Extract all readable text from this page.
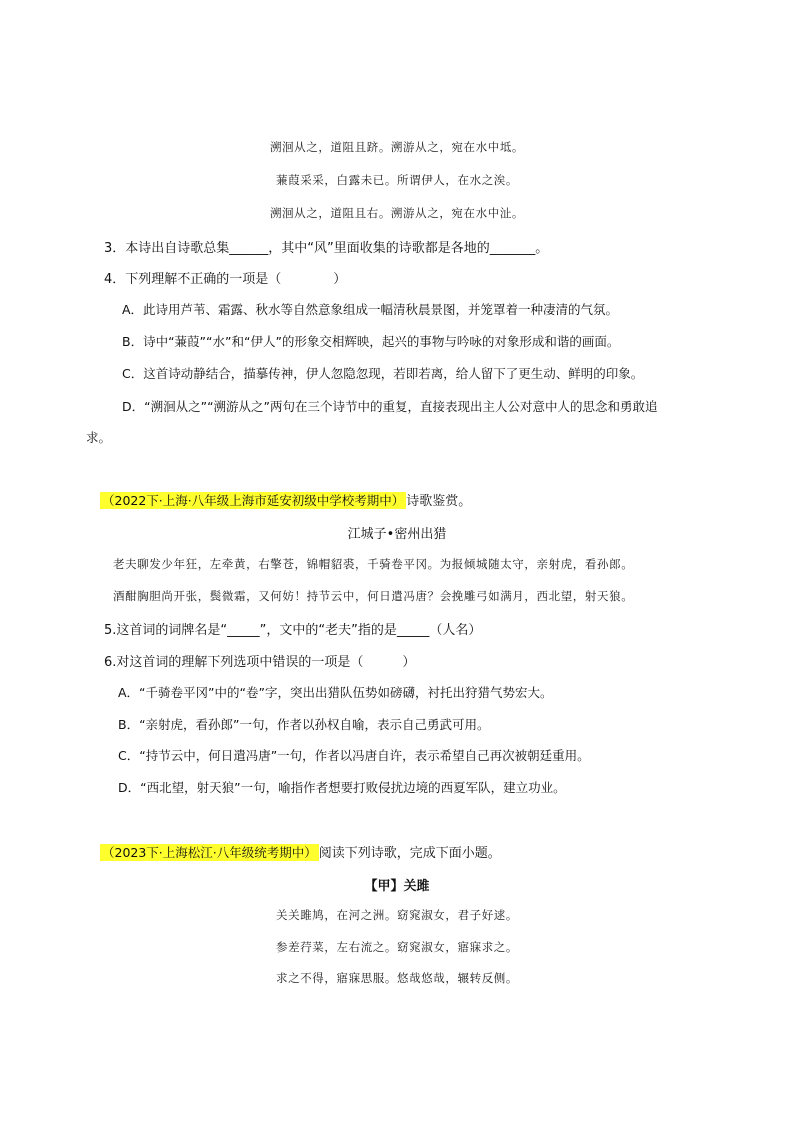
溯洄从之，道阻且跻。溯游从之，宛在水中坻。
蒹葭采采，白露未已。所谓伊人，在水之涘。
溯洄从之，道阻且右。溯游从之，宛在水中沚。
3．本诗出自诗歌总集______，其中“风”里面收集的诗歌都是各地的_______。
4．下列理解不正确的一项是（　　　　）
A．此诗用芦苇、霜露、秋水等自然意象组成一幅清秋晨景图，并笼罩着一种凄清的气氛。
B．诗中“蒹葭”“水”和“伊人”的形象交相辉映，起兴的事物与吟咏的对象形成和谐的画面。
C．这首诗动静结合，描摹传神，伊人忽隐忽现，若即若离，给人留下了更生动、鲜明的印象。
D．“溯洄从之”“溯游从之”两句在三个诗节中的重复，直接表现出主人公对意中人的思念和勇敢追
求。
（2022下·上海·八年级上海市延安初级中学校考期中） 诗歌鉴赏。
江城子•密州出猎
老夫聊发少年狂，左牵黄，右擎苍，锦帽貂裘，千骑卷平冈。为报倾城随太守，亲射虎，看孙郎。
酒酣胸胆尚开张，鬓微霜，又何妨！持节云中，何日遣冯唐？会挽雕弓如满月，西北望，射天狼。
5.这首词的词牌名是“_____”，文中的“老夫”指的是_____（人名）
6.对这首词的理解下列选项中错误的一项是（　　　）
A．“千骑卷平冈”中的“卷”字，突出出猎队伍势如磅礴，衬托出狩猎气势宏大。
B．“亲射虎，看孙郎”一句，作者以孙权自喻，表示自己勇武可用。
C．“持节云中，何日遣冯唐”一句，作者以冯唐自许，表示希望自己再次被朝廷重用。
D．“西北望，射天狼”一句，喻指作者想要打败侵扰边境的西夏军队，建立功业。
（2023下·上海松江·八年级统考期中） 阅读下列诗歌，完成下面小题。
【甲】关雎
关关雎鸠，在河之洲。窈窕淑女，君子好逑。
参差荇菜，左右流之。窈窕淑女，寤寐求之。
求之不得，寤寐思服。悠哉悠哉，辗转反侧。
